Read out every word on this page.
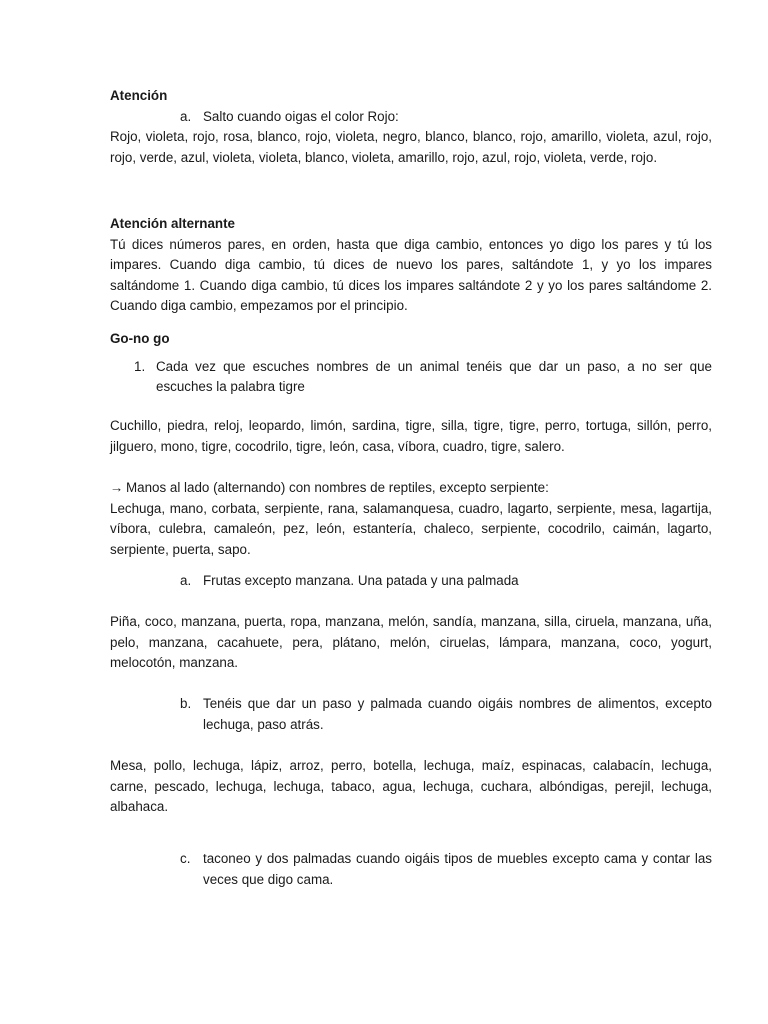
Atención

a. Salto cuando oigas el color Rojo:

Rojo, violeta, rojo, rosa, blanco, rojo, violeta, negro, blanco, blanco, rojo, amarillo, violeta, azul, rojo, rojo, verde, azul, violeta, violeta, blanco, violeta, amarillo, rojo, azul, rojo, violeta, verde, rojo.

Atención alternante

Tú dices números pares, en orden, hasta que diga cambio, entonces yo digo los pares y tú los impares. Cuando diga cambio, tú dices de nuevo los pares, saltándote 1, y yo los impares saltándome 1. Cuando diga cambio, tú dices los impares saltándote 2 y yo los pares saltándome 2. Cuando diga cambio, empezamos por el principio.

Go-no go

1. Cada vez que escuches nombres de un animal tenéis que dar un paso, a no ser que escuches la palabra tigre

Cuchillo, piedra, reloj, leopardo, limón, sardina, tigre, silla, tigre, tigre, perro, tortuga, sillón, perro, jilguero, mono, tigre, cocodrilo, tigre, león, casa, víbora, cuadro, tigre, salero.

→ Manos al lado (alternando) con nombres de reptiles, excepto serpiente:

Lechuga, mano, corbata, serpiente, rana, salamanquesa, cuadro, lagarto, serpiente, mesa, lagartija, víbora, culebra, camaleón, pez, león, estantería, chaleco, serpiente, cocodrilo, caimán, lagarto, serpiente, puerta, sapo.

a. Frutas excepto manzana. Una patada y una palmada

Piña, coco, manzana, puerta, ropa, manzana, melón, sandía, manzana, silla, ciruela, manzana, uña, pelo, manzana, cacahuete, pera, plátano, melón, ciruelas, lámpara, manzana, coco, yogurt, melocotón, manzana.

b. Tenéis que dar un paso y palmada cuando oigáis nombres de alimentos, excepto lechuga, paso atrás.

Mesa, pollo, lechuga, lápiz, arroz, perro, botella, lechuga, maíz, espinacas, calabacín, lechuga, carne, pescado, lechuga, lechuga, tabaco, agua, lechuga, cuchara, albóndigas, perejil, lechuga, albahaca.

c. taconeo y dos palmadas cuando oigáis tipos de muebles excepto cama y contar las veces que digo cama.
